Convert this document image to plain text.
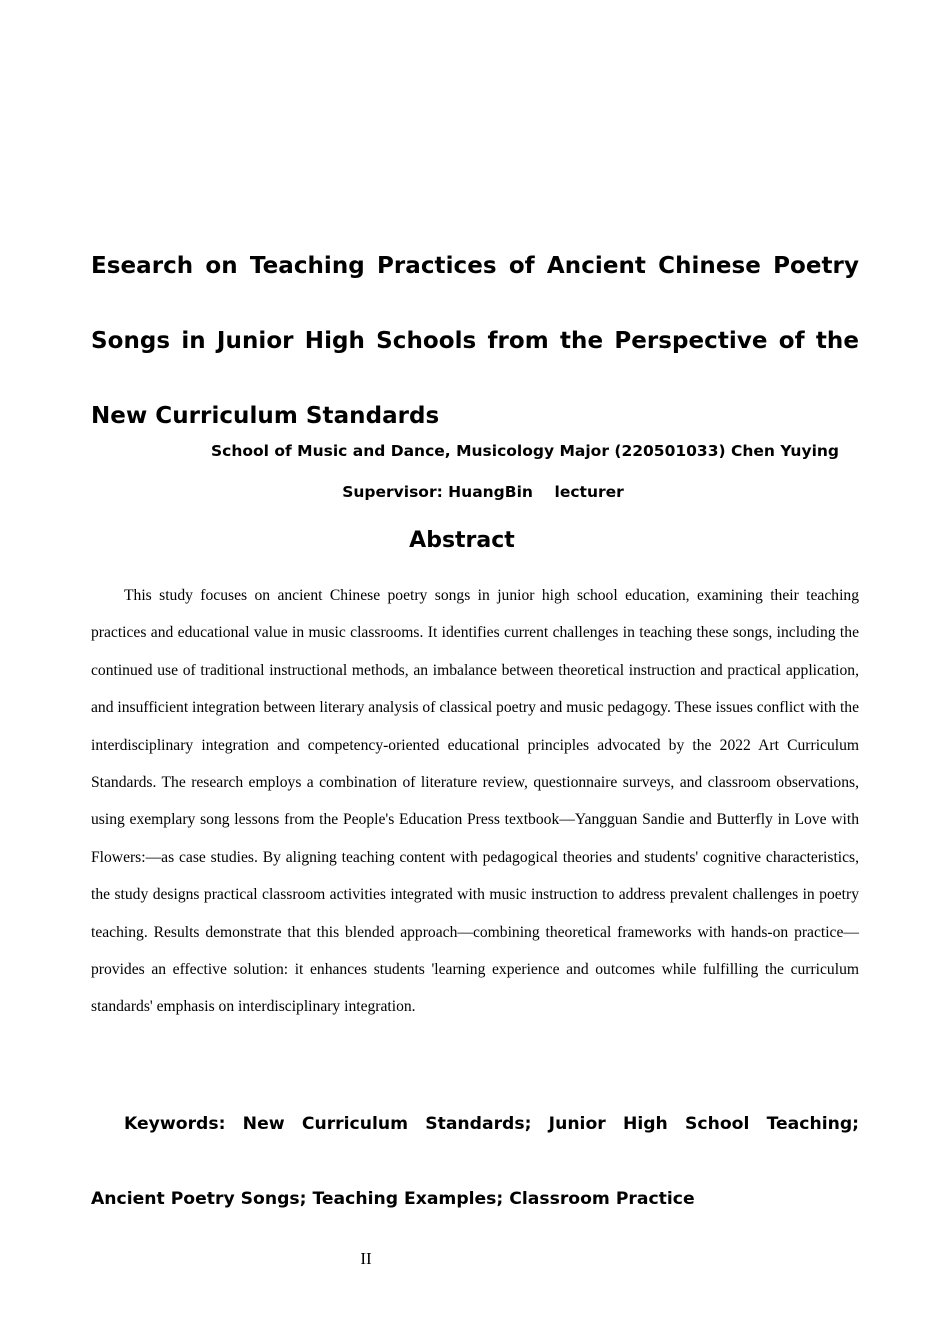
Esearch on Teaching Practices of Ancient Chinese Poetry Songs in Junior High Schools from the Perspective of the New Curriculum Standards

School of Music and Dance, Musicology Major (220501033) Chen Yuying

Supervisor: HuangBin    lecturer

Abstract

This study focuses on ancient Chinese poetry songs in junior high school education, examining their teaching practices and educational value in music classrooms. It identifies current challenges in teaching these songs, including the continued use of traditional instructional methods, an imbalance between theoretical instruction and practical application, and insufficient integration between literary analysis of classical poetry and music pedagogy. These issues conflict with the interdisciplinary integration and competency-oriented educational principles advocated by the 2022 Art Curriculum Standards. The research employs a combination of literature review, questionnaire surveys, and classroom observations, using exemplary song lessons from the People's Education Press textbook—Yangguan Sandie and Butterfly in Love with Flowers:—as case studies. By aligning teaching content with pedagogical theories and students' cognitive characteristics, the study designs practical classroom activities integrated with music instruction to address prevalent challenges in poetry teaching. Results demonstrate that this blended approach—combining theoretical frameworks with hands-on practice—provides an effective solution: it enhances students 'learning experience and outcomes while fulfilling the curriculum standards' emphasis on interdisciplinary integration.

Keywords: New Curriculum Standards; Junior High School Teaching; Ancient Poetry Songs; Teaching Examples; Classroom Practice

II
